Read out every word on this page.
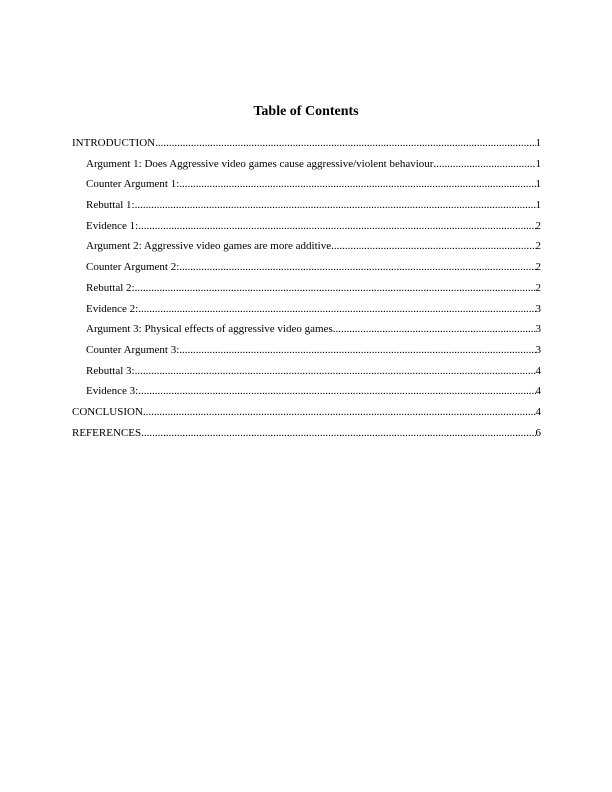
Table of Contents
INTRODUCTION .....	1
Argument 1: Does Aggressive video games cause aggressive/violent behaviour .....	1
Counter Argument 1: .....	1
Rebuttal 1: .....	1
Evidence 1: .....	2
Argument 2: Aggressive video games are more additive .....	2
Counter Argument 2: .....	2
Rebuttal 2: .....	2
Evidence 2: .....	3
Argument 3: Physical effects of aggressive video games .....	3
Counter Argument 3: .....	3
Rebuttal 3: .....	4
Evidence 3: .....	4
CONCLUSION .....	4
REFERENCES .....	6
